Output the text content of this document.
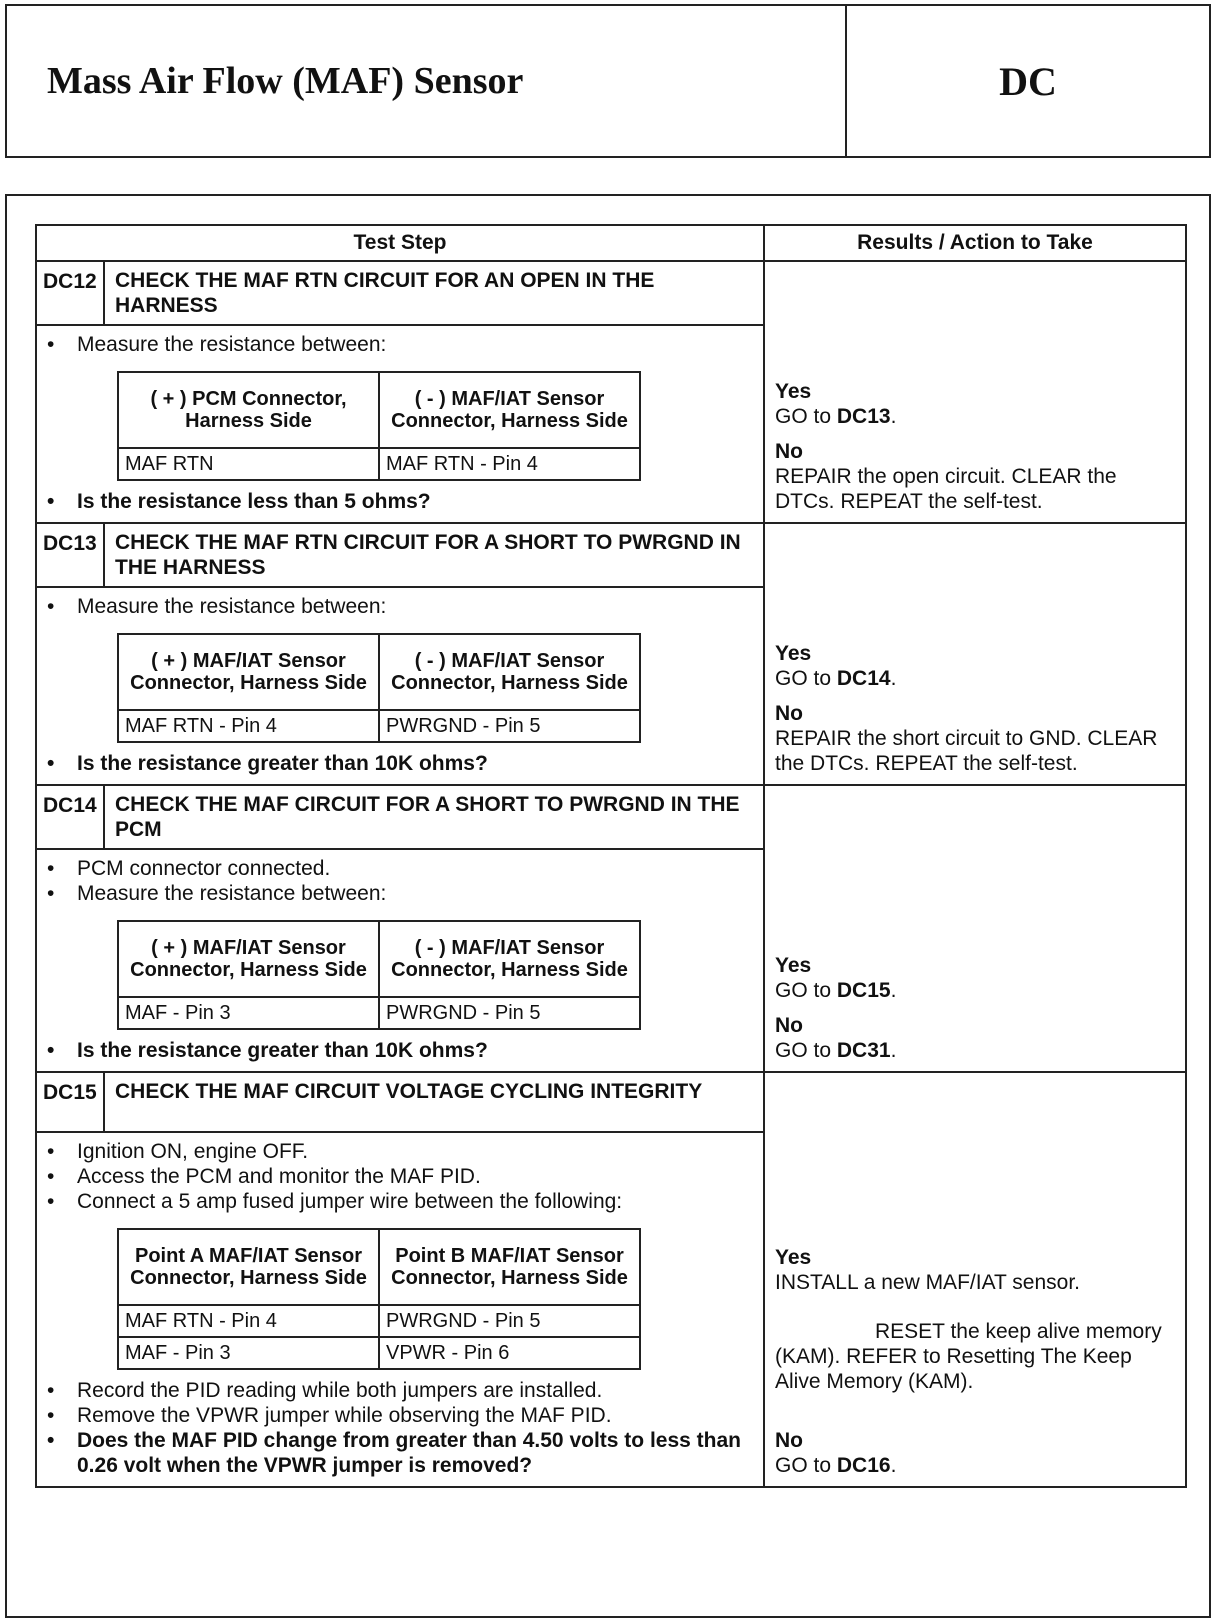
Mass Air Flow (MAF) Sensor	DC
Test Step	Results / Action to Take
DC12	CHECK THE MAF RTN CIRCUIT FOR AN OPEN IN THE HARNESS	
Yes
GO to DC13.
No
REPAIR the open circuit. CLEAR the DTCs. REPEAT the self-test.

• Measure the resistance between:
( + ) PCM Connector, Harness Side	( - ) MAF/IAT Sensor Connector, Harness Side
MAF RTN	MAF RTN - Pin 4
• Is the resistance less than 5 ohms?

DC13	CHECK THE MAF RTN CIRCUIT FOR A SHORT TO PWRGND IN THE HARNESS	
Yes
GO to DC14.
No
REPAIR the short circuit to GND. CLEAR the DTCs. REPEAT the self-test.

• Measure the resistance between:
( + ) MAF/IAT Sensor Connector, Harness Side	( - ) MAF/IAT Sensor Connector, Harness Side
MAF RTN - Pin 4	PWRGND - Pin 5
• Is the resistance greater than 10K ohms?

DC14	CHECK THE MAF CIRCUIT FOR A SHORT TO PWRGND IN THE PCM	
Yes
GO to DC15.
No
GO to DC31.

• PCM connector connected.
• Measure the resistance between:
( + ) MAF/IAT Sensor Connector, Harness Side	( - ) MAF/IAT Sensor Connector, Harness Side
MAF - Pin 3	PWRGND - Pin 5
• Is the resistance greater than 10K ohms?

DC15	CHECK THE MAF CIRCUIT VOLTAGE CYCLING INTEGRITY	
Yes
INSTALL a new MAF/IAT sensor.
RESET the keep alive memory (KAM). REFER to Resetting The Keep Alive Memory (KAM).
No
GO to DC16.

• Ignition ON, engine OFF.
• Access the PCM and monitor the MAF PID.
• Connect a 5 amp fused jumper wire between the following:
Point A MAF/IAT Sensor Connector, Harness Side	Point B MAF/IAT Sensor Connector, Harness Side
MAF RTN - Pin 4	PWRGND - Pin 5
MAF - Pin 3	VPWR - Pin 6
• Record the PID reading while both jumpers are installed.
• Remove the VPWR jumper while observing the MAF PID.
• Does the MAF PID change from greater than 4.50 volts to less than 0.26 volt when the VPWR jumper is removed?
